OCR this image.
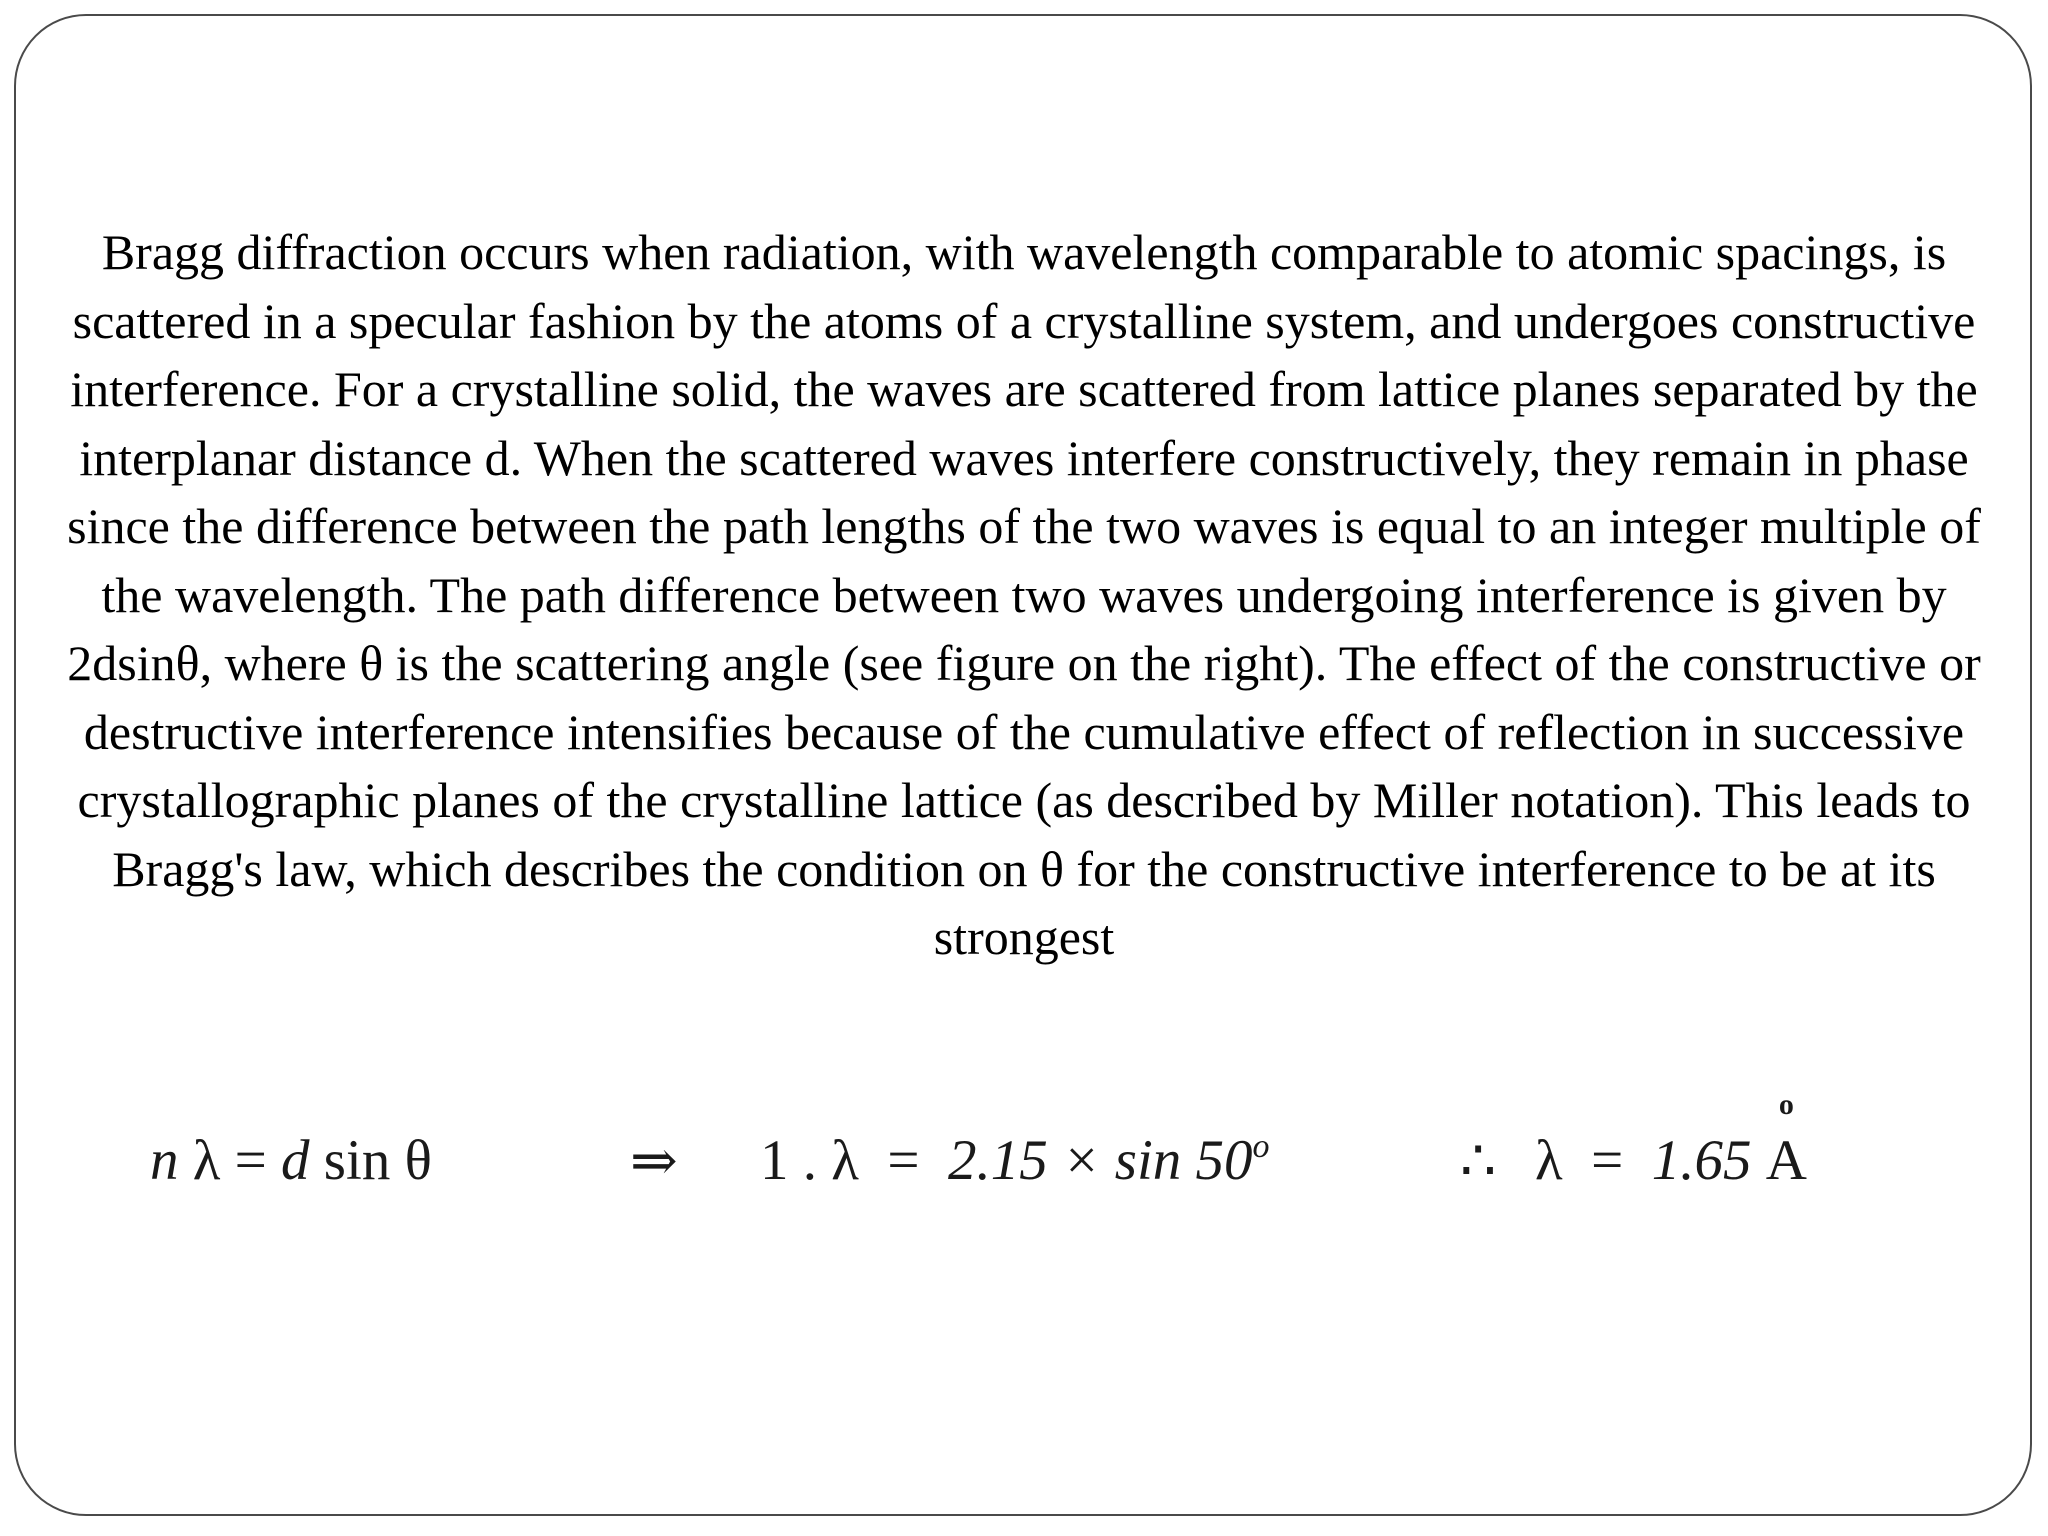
Bragg diffraction occurs when radiation, with wavelength comparable to atomic spacings, is scattered in a specular fashion by the atoms of a crystalline system, and undergoes constructive interference. For a crystalline solid, the waves are scattered from lattice planes separated by the interplanar distance d. When the scattered waves interfere constructively, they remain in phase since the difference between the path lengths of the two waves is equal to an integer multiple of the wavelength. The path difference between two waves undergoing interference is given by 2dsinθ, where θ is the scattering angle (see figure on the right). The effect of the constructive or destructive interference intensifies because of the cumulative effect of reflection in successive crystallographic planes of the crystalline lattice (as described by Miller notation). This leads to Bragg's law, which describes the condition on θ for the constructive interference to be at its strongest

n λ = d sin θ	⇒ 1 . λ = 2.15 × sin 50$^o$	∴ λ = 1.65
o
A
